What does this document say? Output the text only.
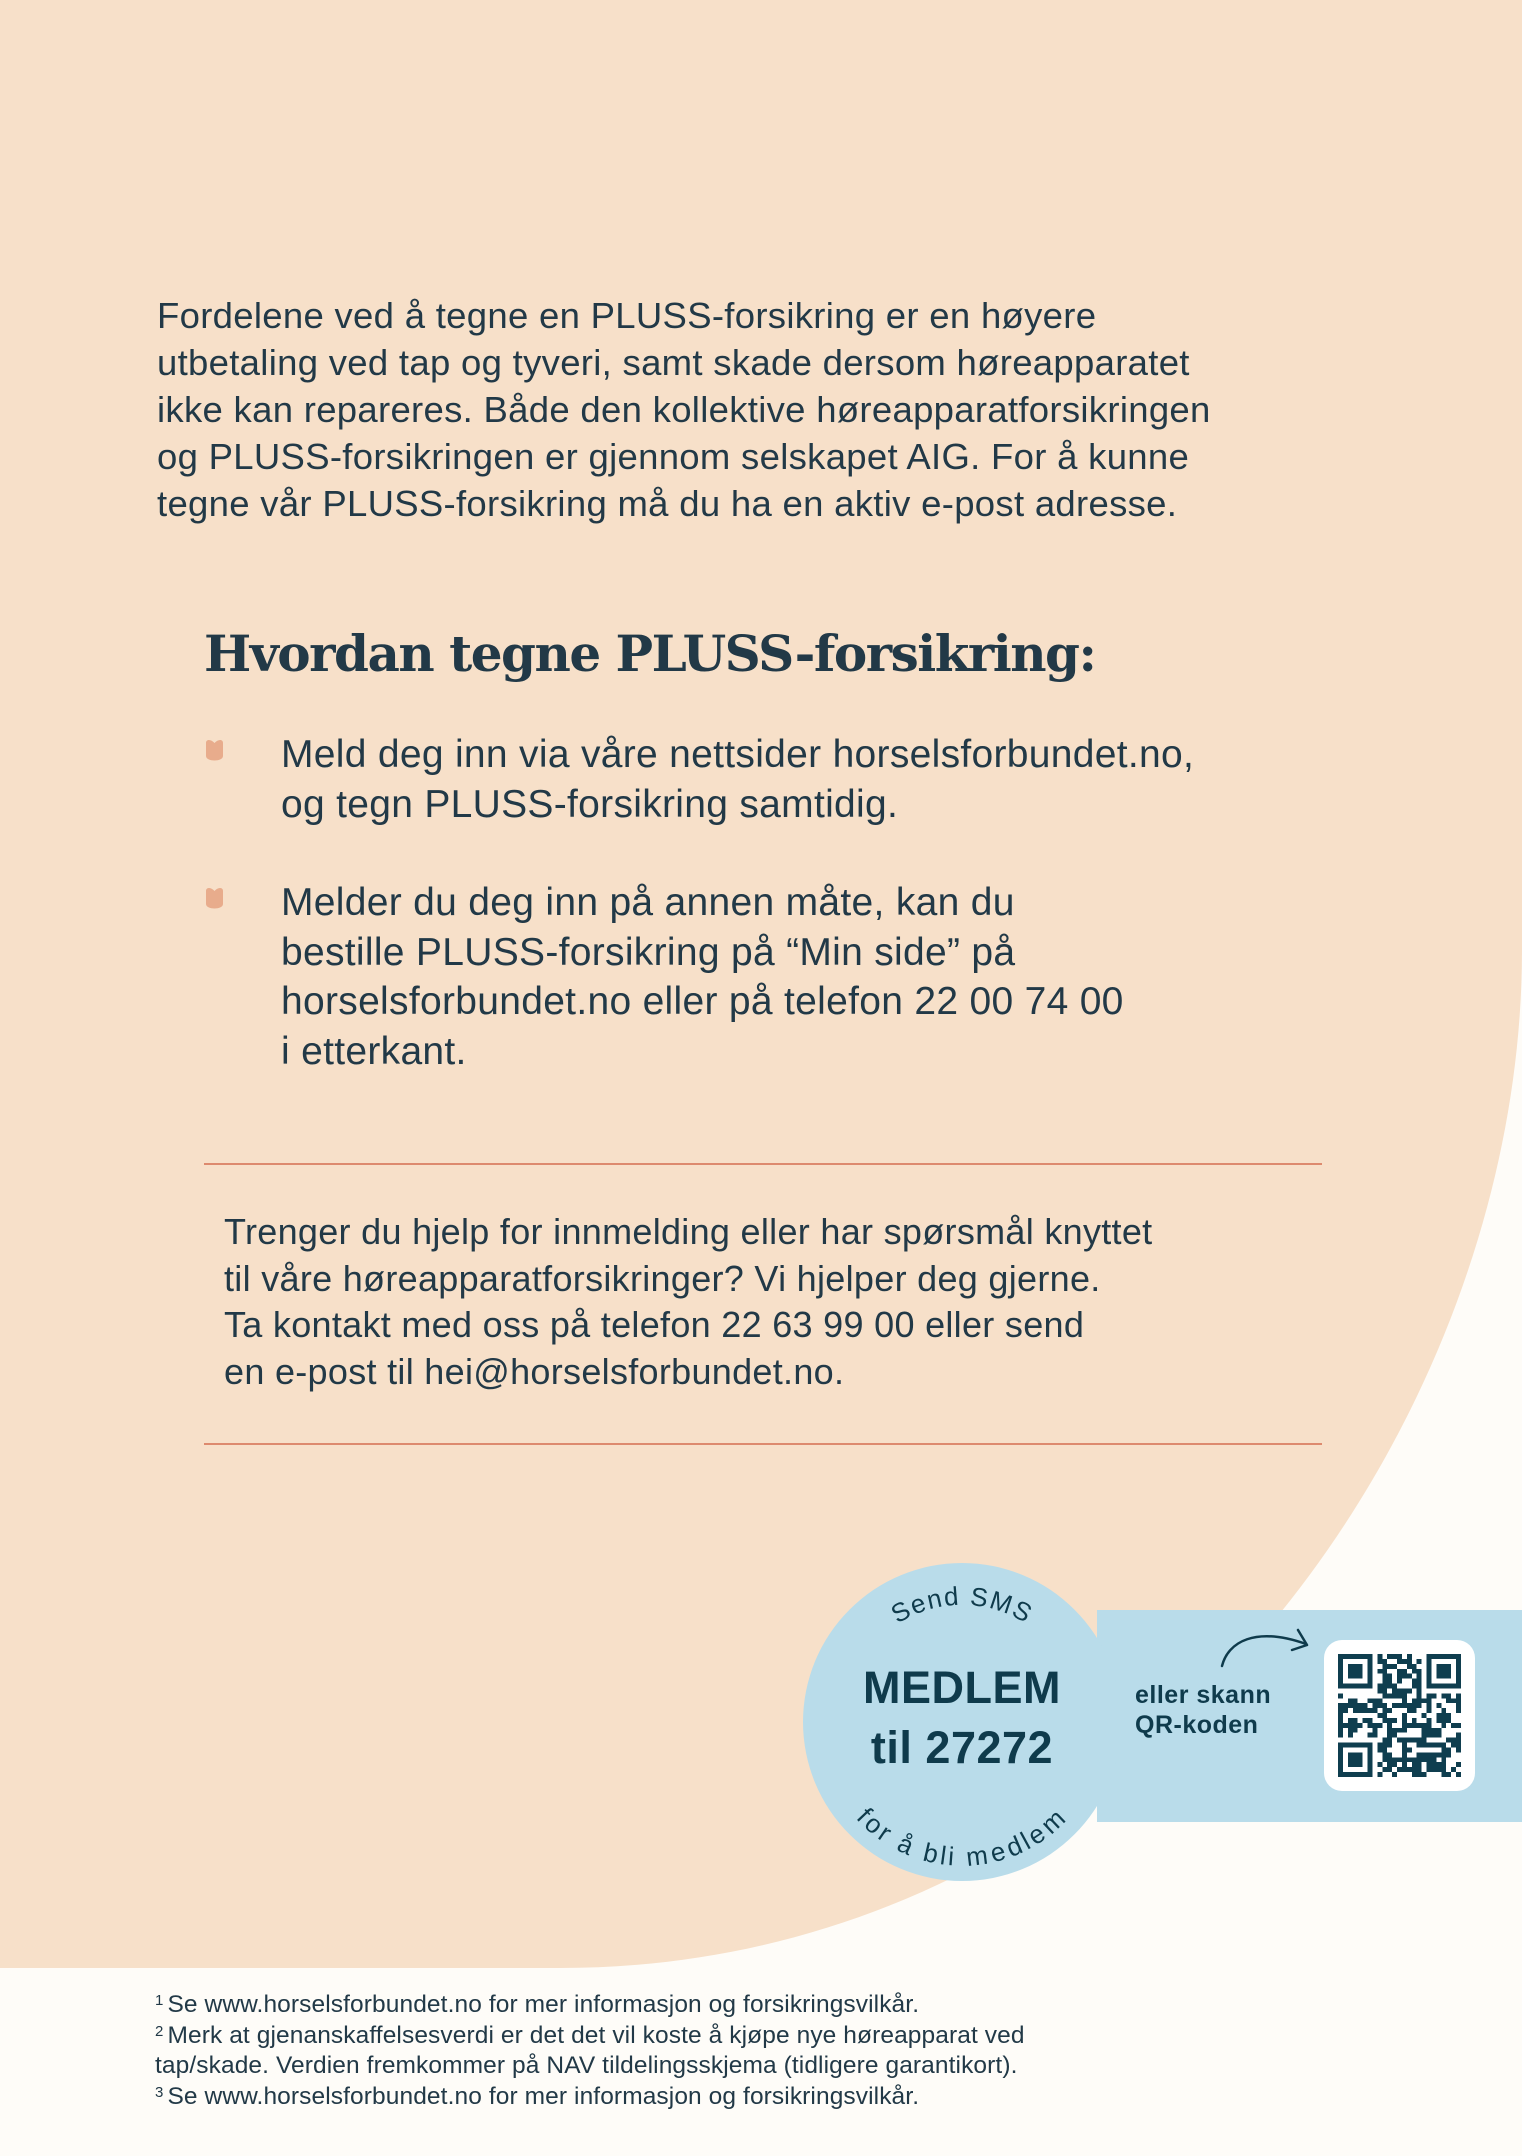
Fordelene ved å tegne en PLUSS-forsikring er en høyere

utbetaling ved tap og tyveri, samt skade dersom høreapparatet

ikke kan repareres. Både den kollektive høreapparatforsikringen

og PLUSS-forsikringen er gjennom selskapet AIG. For å kunne

tegne vår PLUSS-forsikring må du ha en aktiv e-post adresse.

Hvordan tegne PLUSS-forsikring:

Meld deg inn via våre nettsider horselsforbundet.no,

og tegn PLUSS-forsikring samtidig.

Melder du deg inn på annen måte, kan du

bestille PLUSS-forsikring på “Min side” på

horselsforbundet.no eller på telefon 22 00 74 00

i etterkant.

Trenger du hjelp for innmelding eller har spørsmål knyttet

til våre høreapparatforsikringer? Vi hjelper deg gjerne.

Ta kontakt med oss på telefon 22 63 99 00 eller send

en e-post til hei@horselsforbundet.no.

Send SMS
for å bli medlem
MEDLEM
til 27272
eller skann
QR-koden

1 Se www.horselsforbundet.no for mer informasjon og forsikringsvilkår.

2 Merk at gjenanskaffelsesverdi er det det vil koste å kjøpe nye høreapparat ved

tap/skade. Verdien fremkommer på NAV tildelingsskjema (tidligere garantikort).

3 Se www.horselsforbundet.no for mer informasjon og forsikringsvilkår.
